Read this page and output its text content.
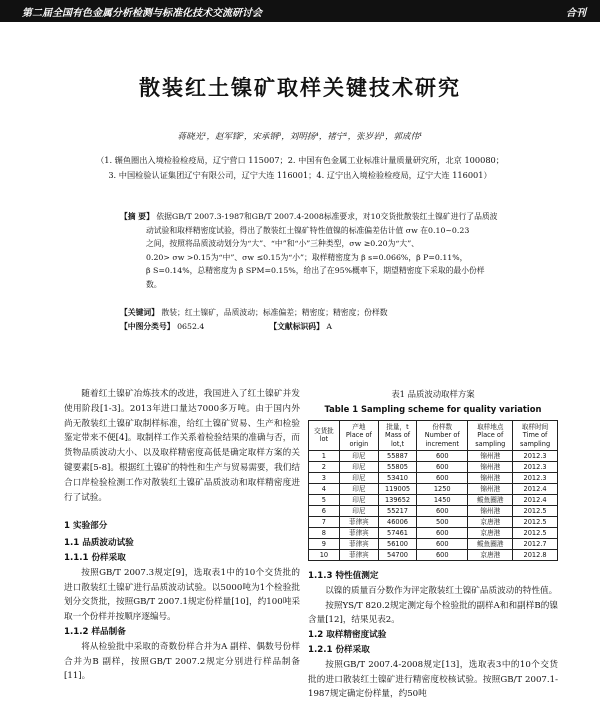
第二届全国有色金属分析检测与标准化技术交流研讨会	合刊
散装红土镍矿取样关键技术研究
蒋晓光¹，赵军锋²，宋承钢³，刘明扬⁴，褚宁¹，张岁岩¹，郭成伟¹
（1. 辗鱼圈出入境检验检疫局，辽宁营口 115007；2. 中国有色金属工业标准计量质量研究所，北京 100080；
3. 中国检验认证集团辽宁有限公司，辽宁大连 116001；4. 辽宁出入境检验检疫局，辽宁大连 116001）
【摘 要】 依据GB/T 2007.3-1987和GB/T 2007.4-2008标准要求，对10交货批散装红土镍矿进行了品质波
动试验和取样精密度试验，得出了散装红土镍矿特性值镍的标准偏差估计值 σw 在0.10~0.23
之间，按照将品质波动划分为“大”、“中”和“小”三种类型，σw ≥0.20为“大”、
0.20> σw >0.15为“中”、σw ≤0.15为“小”；取样精密度为 β s=0.066%，β P=0.11%，
β S=0.14%，总精密度为 β SPM=0.15%，给出了在95%概率下，期望精密度下采取的最小份样数。
【关键词】 散装；红土镍矿，品质波动；标准偏差；精密度；精密度；份样数
【中图分类号】 0652.4	【文献标识码】 A

随着红土镍矿冶炼技术的改进，我国进入了红土镍矿并发使用阶段[1-3]。2013年进口量达7000多万吨。由于国内外尚无散装红土镍矿取制样标准，给红土镍矿贸易、生产和检验鉴定带来不便[4]。取制样工作关系着检验结果的准确与否，而货物品质波动大小、以及取样精密度高低是确定取样方案的关键要素[5-8]。根据红土镍矿的特性和生产与贸易需要，我们结合口岸检验检测工作对散装红土镍矿品质波动和取样精密度进行了试验。

1 实验部分
1.1 品质波动试验
1.1.1 份样采取

按照GB/T 2007.3规定[9]，选取表1中的10个交货批的进口散装红土镍矿进行品质波动试验。以5000吨为1个检验批划分交货批，按照GB/T 2007.1规定份样量[10]，约100吨采取一个份样并按顺序逐编号。

1.1.2 样品制备

将从检验批中采取的奇数份样合并为A 副样、偶数号份样合并为B 副样，按照GB/T 2007.2规定分别进行样品制备[11]。

表1 品质波动取样方案
Table 1 Sampling scheme for quality variation
交货批
lot	产地
Place of
origin	批量，t
Mass of
lot,t	份样数
Number of
increment	取样地点
Place of
sampling	取样时间
Time of
sampling
1	印尼	55887	600	锦州港	2012.3
2	印尼	55805	600	锦州港	2012.3
3	印尼	53410	600	锦州港	2012.3
4	印尼	119005	1250	锦州港	2012.4
5	印尼	139652	1450	鲅鱼圈港	2012.4
6	印尼	55217	600	锦州港	2012.5
7	菲律宾	46006	500	京唐港	2012.5
8	菲律宾	57461	600	京唐港	2012.5
9	菲律宾	56100	600	鲅鱼圈港	2012.7
10	菲律宾	54700	600	京唐港	2012.8
1.1.3 特性值测定

以镍的质量百分数作为评定散装红土镍矿品质波动的特性值。

按照YS/T 820.2规定测定每个检验批的副样A和和副样B的镍含量[12]，结果见表2。

1.2 取样精密度试验
1.2.1 份样采取

按照GB/T 2007.4-2008规定[13]，选取表3中的10个交货批的进口散装红土镍矿进行精密度校核试验。按照GB/T 2007.1-1987规定确定份样量，约50吨
